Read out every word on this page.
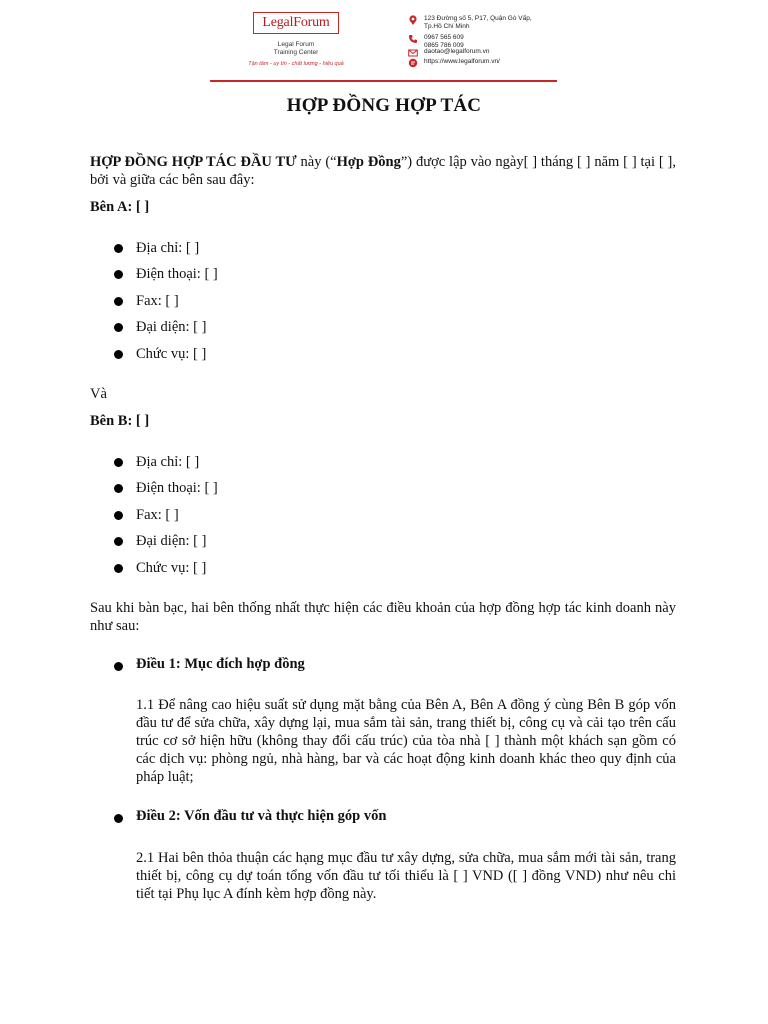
LegalForum
Legal Forum
Training Center
Tận tâm - uy tín - chất lượng - hiệu quả
123 Đường số 5, P17, Quận Gò Vấp,
Tp.Hồ Chí Minh
0967 565 609
0865 786 009
daotao@legalforum.vn
https://www.legalforum.vn/
HỢP ĐỒNG HỢP TÁC
HỢP ĐỒNG HỢP TÁC ĐẦU TƯ này (“Hợp Đồng”) được lập vào ngày[ ] tháng [ ] năm [ ] tại [ ], bởi và giữa các bên sau đây:
Bên A: [ ]
Địa chỉ: [ ]
Điện thoại: [ ]
Fax: [ ]
Đại diện: [ ]
Chức vụ: [ ]
Và
Bên B: [ ]
Địa chỉ: [ ]
Điện thoại: [ ]
Fax: [ ]
Đại diện: [ ]
Chức vụ: [ ]
Sau khi bàn bạc, hai bên thống nhất thực hiện các điều khoản của hợp đồng hợp tác kinh doanh này như sau:
Điều 1: Mục đích hợp đồng
1.1 Để nâng cao hiệu suất sử dụng mặt bằng của Bên A, Bên A đồng ý cùng Bên B góp vốn đầu tư để sửa chữa, xây dựng lại, mua sắm tài sản, trang thiết bị, công cụ và cải tạo trên cấu trúc cơ sở hiện hữu (không thay đổi cấu trúc) của tòa nhà [ ] thành một khách sạn gồm có các dịch vụ: phòng ngủ, nhà hàng, bar và các hoạt động kinh doanh khác theo quy định của pháp luật;
Điều 2: Vốn đầu tư và thực hiện góp vốn
2.1 Hai bên thỏa thuận các hạng mục đầu tư xây dựng, sửa chữa, mua sắm mới tài sản, trang thiết bị, công cụ dự toán tổng vốn đầu tư tối thiểu là [ ] VND ([ ] đồng VND) như nêu chi tiết tại Phụ lục A đính kèm hợp đồng này.
